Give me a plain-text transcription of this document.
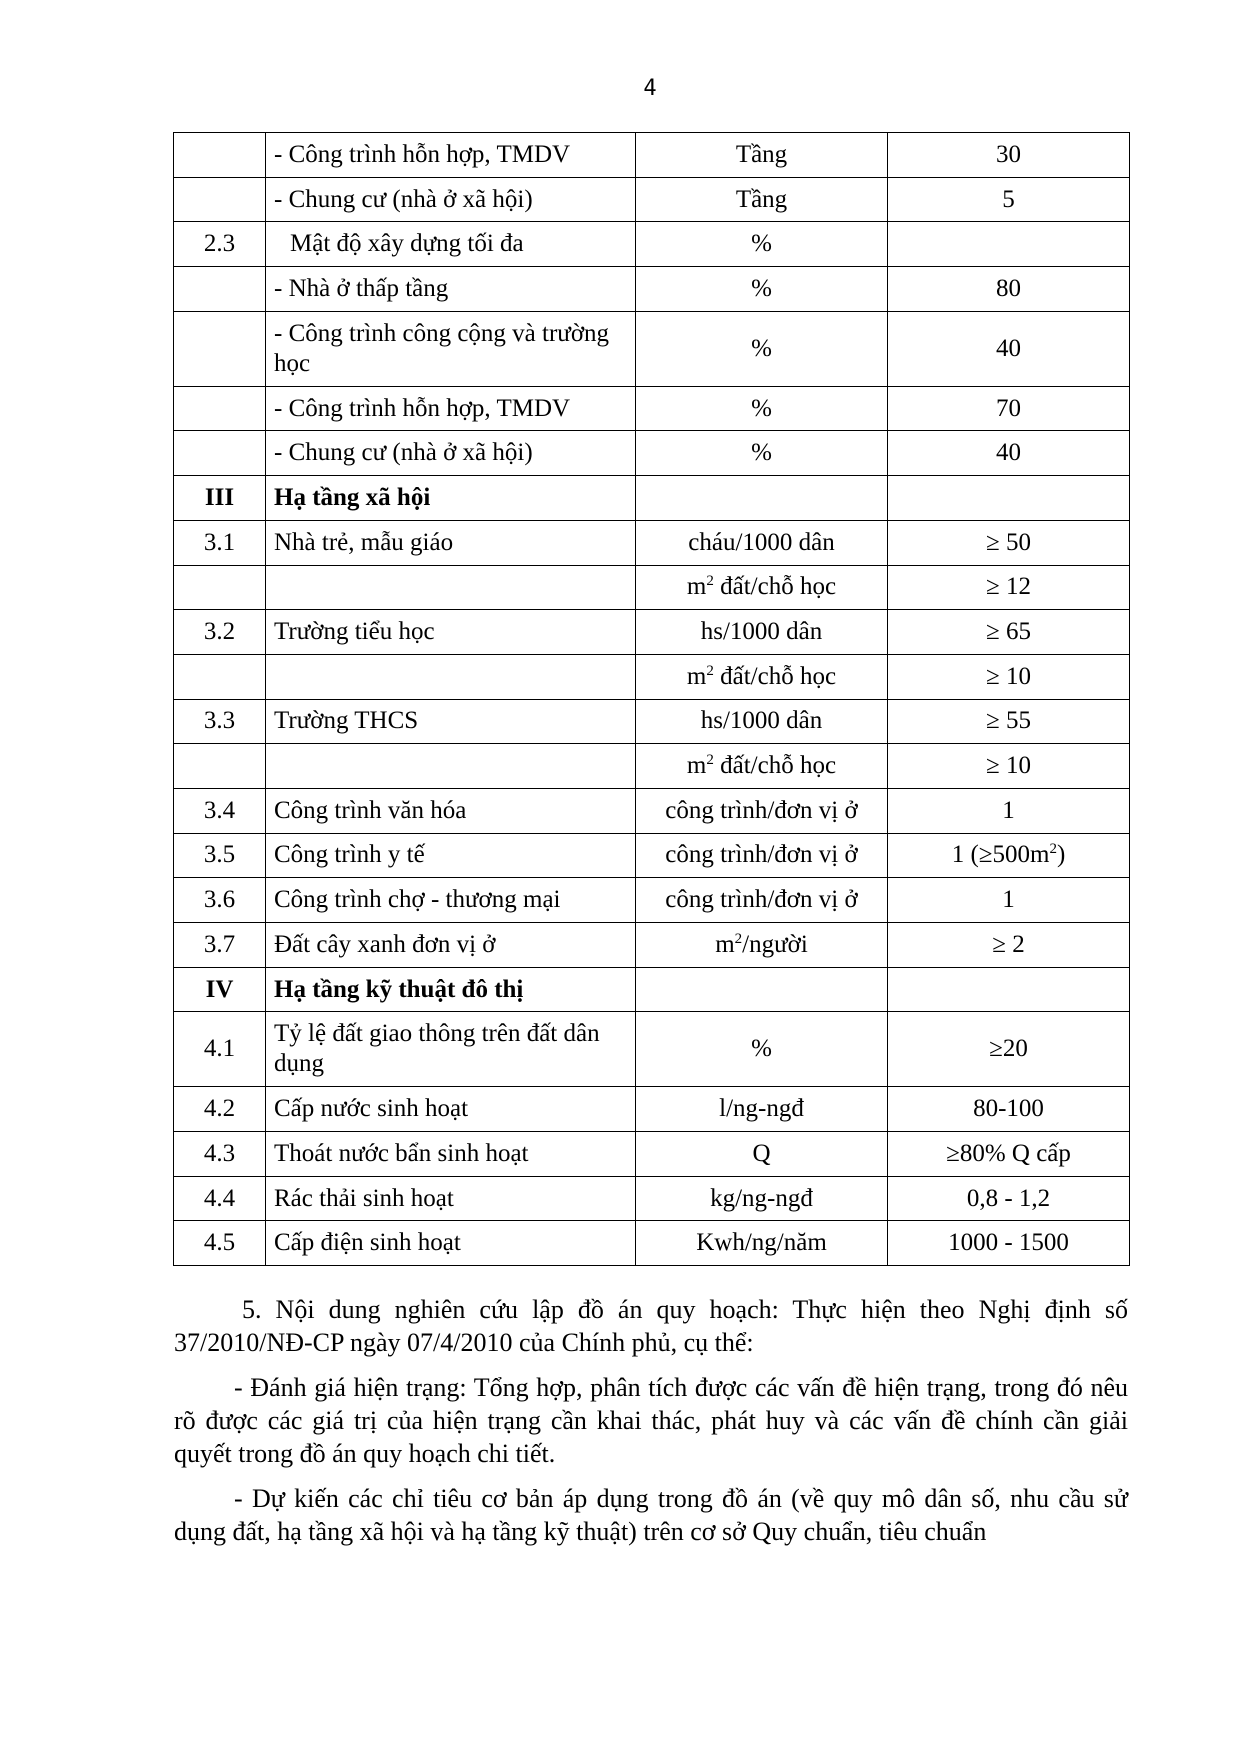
4
	- Công trình hỗn hợp, TMDV	Tầng	30
	- Chung cư (nhà ở xã hội)	Tầng	5
2.3	Mật độ xây dựng tối đa	%	
	- Nhà ở thấp tầng	%	80
	- Công trình công cộng và trường học	%	40
	- Công trình hỗn hợp, TMDV	%	70
	- Chung cư (nhà ở xã hội)	%	40
III	Hạ tầng xã hội		
3.1	Nhà trẻ, mẫu giáo	cháu/1000 dân	≥ 50
		$m^2$ đất/chỗ học	≥ 12
3.2	Trường tiểu học	hs/1000 dân	≥ 65
		$m^2$ đất/chỗ học	≥ 10
3.3	Trường THCS	hs/1000 dân	≥ 55
		$m^2$ đất/chỗ học	≥ 10
3.4	Công trình văn hóa	công trình/đơn vị ở	1
3.5	Công trình y tế	công trình/đơn vị ở	1 $(\ge 500m^2)$
3.6	Công trình chợ - thương mại	công trình/đơn vị ở	1
3.7	Đất cây xanh đơn vị ở	$m^2$/người	≥ 2
IV	Hạ tầng kỹ thuật đô thị		
4.1	Tỷ lệ đất giao thông trên đất dân dụng	%	≥20
4.2	Cấp nước sinh hoạt	l/ng-ngđ	80-100
4.3	Thoát nước bẩn sinh hoạt	Q	≥80% Q cấp
4.4	Rác thải sinh hoạt	kg/ng-ngđ	0,8 - 1,2
4.5	Cấp điện sinh hoạt	Kwh/ng/năm	1000 - 1500

5. Nội dung nghiên cứu lập đồ án quy hoạch: Thực hiện theo Nghị định số 37/2010/NĐ-CP ngày 07/4/2010 của Chính phủ, cụ thể:

- Đánh giá hiện trạng: Tổng hợp, phân tích được các vấn đề hiện trạng, trong đó nêu rõ được các giá trị của hiện trạng cần khai thác, phát huy và các vấn đề chính cần giải quyết trong đồ án quy hoạch chi tiết.

- Dự kiến các chỉ tiêu cơ bản áp dụng trong đồ án (về quy mô dân số, nhu cầu sử dụng đất, hạ tầng xã hội và hạ tầng kỹ thuật) trên cơ sở Quy chuẩn, tiêu chuẩn
